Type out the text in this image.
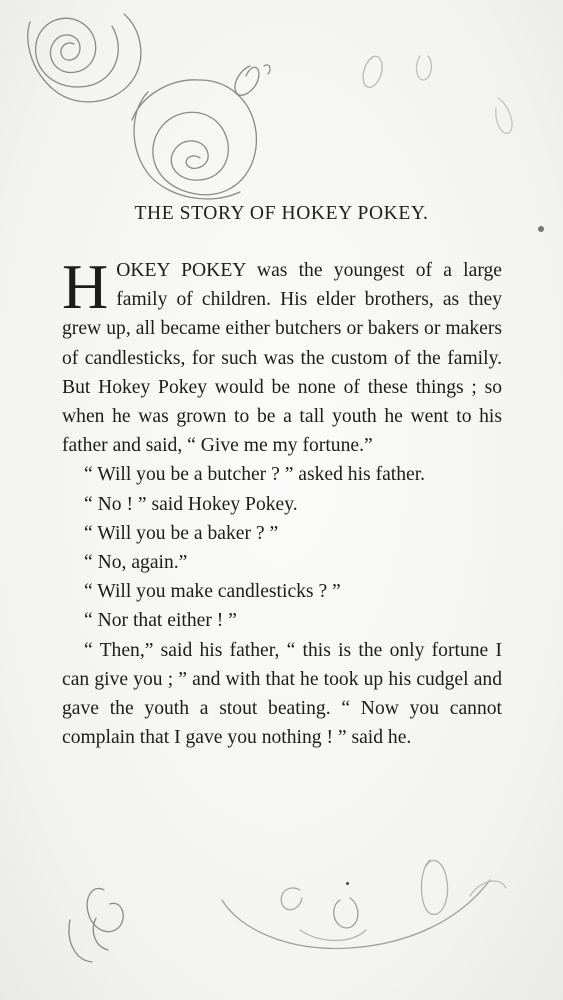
THE STORY OF HOKEY POKEY.

HOKEY POKEY was the youngest of a large family of children. His elder brothers, as they grew up, all became either butchers or bakers or makers of candlesticks, for such was the custom of the family. But Hokey Pokey would be none of these things ; so when he was grown to be a tall youth he went to his father and said, “ Give me my fortune.”

“ Will you be a butcher ? ” asked his father.

“ No ! ” said Hokey Pokey.

“ Will you be a baker ? ”

“ No, again.”

“ Will you make candlesticks ? ”

“ Nor that either ! ”

“ Then,” said his father, “ this is the only fortune I can give you ; ” and with that he took up his cudgel and gave the youth a stout beating. “ Now you cannot complain that I gave you nothing ! ” said he.
